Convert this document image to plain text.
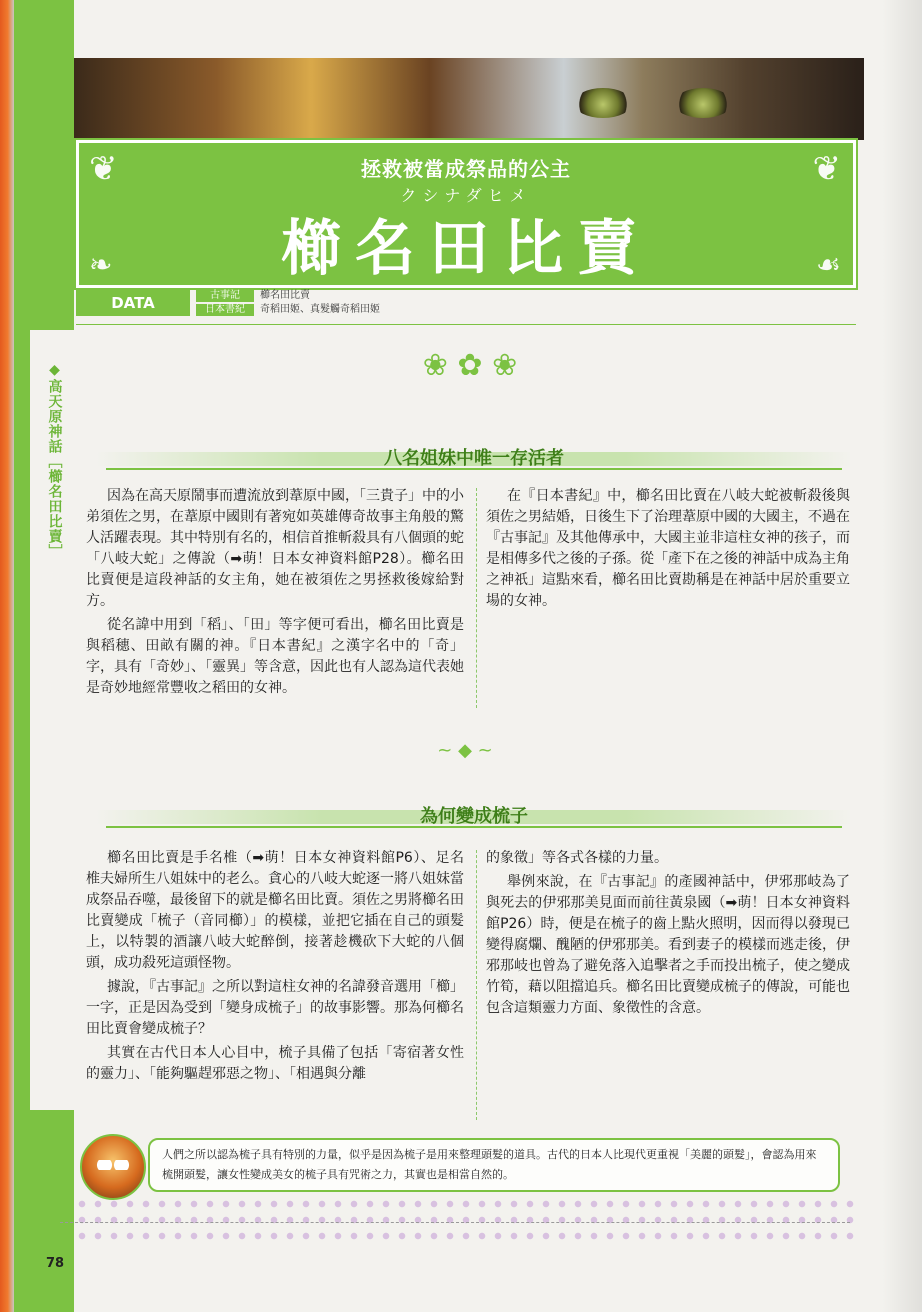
◆高天原神話［櫛名田比賣］
❦	❦
❧	☙
拯救被當成祭品的公主
クシナダヒメ
櫛名田比賣
DATA	古事記	櫛名田比賣
日本書紀	奇稻田姬、真髮觸奇稻田姬
❀ ✿ ❀
八名姐妹中唯一存活者

因為在高天原鬧事而遭流放到葦原中國，「三貴子」中的小弟須佐之男，在葦原中國則有著宛如英雄傳奇故事主角般的驚人活躍表現。其中特別有名的，相信首推斬殺具有八個頭的蛇「八岐大蛇」之傳說（➡萌！日本女神資料館P28）。櫛名田比賣便是這段神話的女主角，她在被須佐之男拯救後嫁給對方。

從名諱中用到「稻」、「田」等字便可看出，櫛名田比賣是與稻穗、田畝有關的神。『日本書紀』之漢字名中的「奇」字，具有「奇妙」、「靈異」等含意，因此也有人認為這代表她是奇妙地經常豐收之稻田的女神。

在『日本書紀』中，櫛名田比賣在八岐大蛇被斬殺後與須佐之男結婚，日後生下了治理葦原中國的大國主，不過在『古事記』及其他傳承中，大國主並非這柱女神的孩子，而是相傳多代之後的子孫。從「產下在之後的神話中成為主角之神祇」這點來看，櫛名田比賣勘稱是在神話中居於重要立場的女神。

~ ◆ ~
為何變成梳子

櫛名田比賣是手名椎（➡萌！日本女神資料館P6）、足名椎夫婦所生八姐妹中的老么。貪心的八岐大蛇逐一將八姐妹當成祭品吞噬，最後留下的就是櫛名田比賣。須佐之男將櫛名田比賣變成「梳子（音同櫛）」的模樣，並把它插在自己的頭髮上，以特製的酒讓八岐大蛇醉倒，接著趁機砍下大蛇的八個頭，成功殺死這頭怪物。

據說，『古事記』之所以對這柱女神的名諱發音選用「櫛」一字，正是因為受到「變身成梳子」的故事影響。那為何櫛名田比賣會變成梳子？

其實在古代日本人心目中，梳子具備了包括「寄宿著女性的靈力」、「能夠驅趕邪惡之物」、「相遇與分離

的象徵」等各式各樣的力量。

舉例來說，在『古事記』的產國神話中，伊邪那岐為了與死去的伊邪那美見面而前往黃泉國（➡萌！日本女神資料館P26）時，便是在梳子的齒上點火照明，因而得以發現已變得腐爛、醜陋的伊邪那美。看到妻子的模樣而逃走後，伊邪那岐也曾為了避免落入追擊者之手而投出梳子，使之變成竹筍，藉以阻擋追兵。櫛名田比賣變成梳子的傳說，可能也包含這類靈力方面、象徵性的含意。

人們之所以認為梳子具有特別的力量，似乎是因為梳子是用來整理頭髮的道具。古代的日本人比現代更重視「美麗的頭髮」，會認為用來梳開頭髮，讓女性變成美女的梳子具有咒術之力，其實也是相當自然的。
78
